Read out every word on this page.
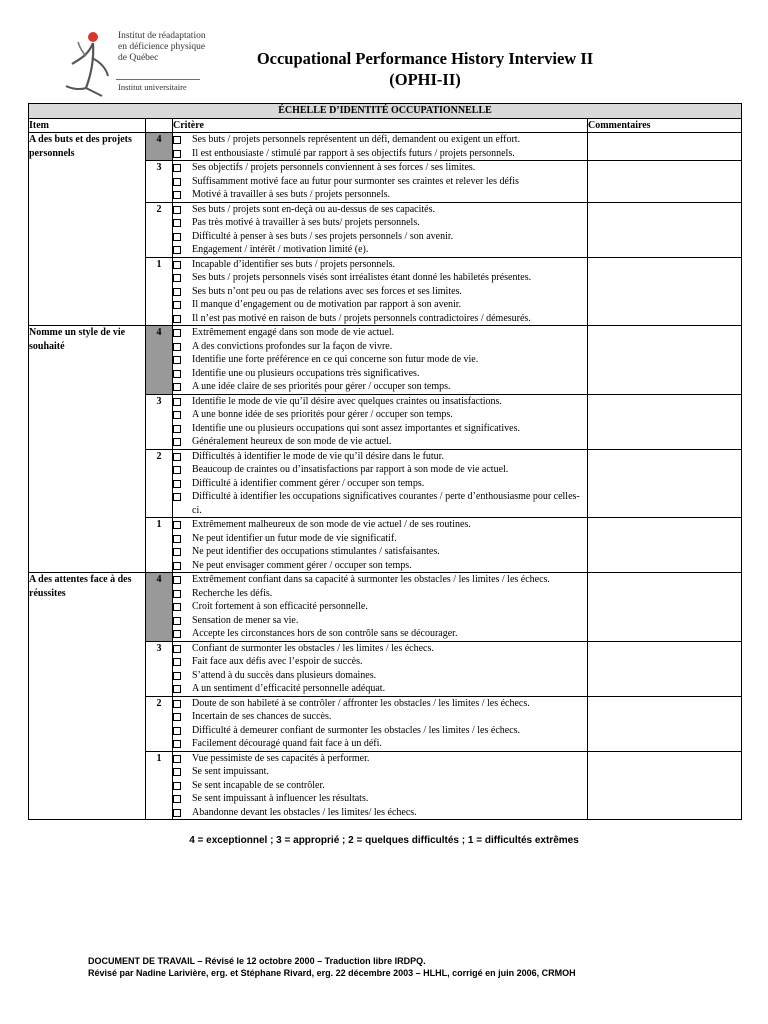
Institut de réadaptation
en déficience physique
de Québec
Institut universitaire
Occupational Performance History Interview II
(OPHI-II)
ÉCHELLE D’IDENTITÉ OCCUPATIONNELLE			
Item		Critère	Commentaires
A des buts et des projets personnels	4	Ses buts / projets personnels représentent un défi, demandent ou exigent un effort.
Il est enthousiaste / stimulé par rapport à ses objectifs futurs / projets personnels.	

	3	Ses objectifs / projets personnels conviennent à ses forces / ses limites.
Suffisamment motivé face au futur pour surmonter ses craintes et relever les défis
Motivé à travailler à ses buts / projets personnels.	

	2	Ses buts / projets sont en-deçà ou au-dessus de ses capacités.
Pas très motivé à travailler à ses buts/ projets personnels.
Difficulté à penser à ses buts / ses projets personnels / son avenir.
Engagement / intérêt / motivation limité (e).	

	1	Incapable d’identifier ses buts / projets personnels.
Ses buts / projets personnels visés sont irréalistes étant donné les habiletés présentes.
Ses buts n’ont peu ou pas de relations avec ses forces et ses limites.
Il manque d’engagement ou de motivation par rapport à son avenir.
Il n’est pas motivé en raison de buts / projets personnels contradictoires / démesurés.	

Nomme un style de vie souhaité	4	Extrêmement engagé dans son mode de vie actuel.
A des convictions profondes sur la façon de vivre.
Identifie une forte préférence en ce qui concerne son futur mode de vie.
Identifie une ou plusieurs occupations très significatives.
A une idée claire de ses priorités pour gérer / occuper son temps.	

	3	Identifie le mode de vie qu’il désire avec quelques craintes ou insatisfactions.
A une bonne idée de ses priorités pour gérer / occuper son temps.
Identifie une ou plusieurs occupations qui sont assez importantes et significatives.
Généralement heureux de son mode de vie actuel.	

	2	Difficultés à identifier le mode de vie qu’il désire dans le futur.
Beaucoup de craintes ou d’insatisfactions par rapport à son mode de vie actuel.
Difficulté à identifier comment gérer / occuper son temps.
Difficulté à identifier les occupations significatives courantes / perte d’enthousiasme pour celles-ci.	

	1	Extrêmement malheureux de son mode de vie actuel / de ses routines.
Ne peut identifier un futur mode de vie significatif.
Ne peut identifier des occupations stimulantes / satisfaisantes.
Ne peut envisager comment gérer / occuper son temps.	

A des attentes face à des réussites	4	Extrêmement confiant dans sa capacité à surmonter les obstacles / les limites / les échecs.
Recherche les défis.
Croit fortement à son efficacité personnelle.
Sensation de mener sa vie.
Accepte les circonstances hors de son contrôle sans se décourager.	

	3	Confiant de surmonter les obstacles / les limites / les échecs.
Fait face aux défis avec l’espoir de succès.
S’attend à du succès dans plusieurs domaines.
A un sentiment d’efficacité personnelle adéquat.	

	2	Doute de son habileté à se contrôler / affronter les obstacles / les limites / les échecs.
Incertain de ses chances de succès.
Difficulté à demeurer confiant de surmonter les obstacles / les limites / les échecs.
Facilement découragé quand fait face à un défi.	

	1	Vue pessimiste de ses capacités à performer.
Se sent impuissant.
Se sent incapable de se contrôler.
Se sent impuissant à influencer les résultats.
Abandonne devant les obstacles / les limites/ les échecs.	

4 = exceptionnel ; 3 = approprié ; 2 = quelques difficultés ; 1 = difficultés extrêmes
DOCUMENT DE TRAVAIL – Révisé le 12 octobre 2000 – Traduction libre IRDPQ.
Révisé par Nadine Larivière, erg. et Stéphane Rivard, erg. 22 décembre 2003 – HLHL, corrigé en juin 2006, CRMOH
